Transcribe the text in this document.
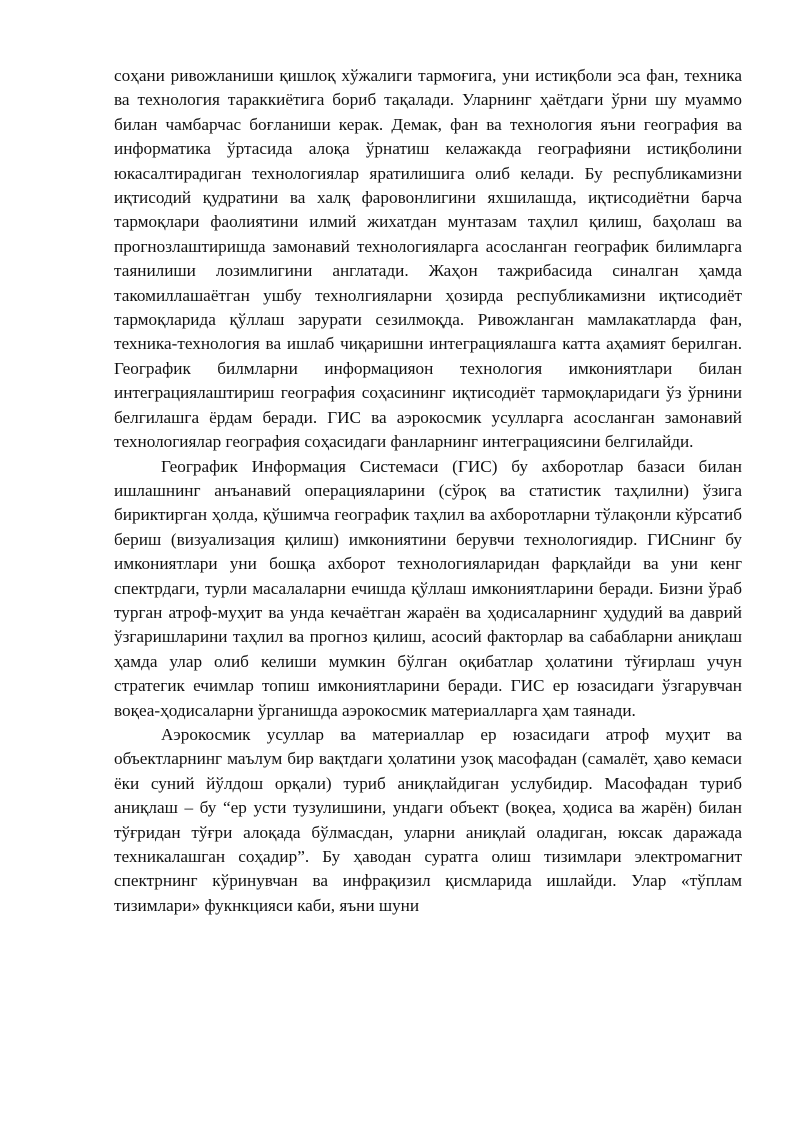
соҳани ривожланиши қишлоқ хўжалиги тармоғига, уни истиқболи эса фан, техника ва технология тараккиётига бориб тақалади. Уларнинг ҳаётдаги ўрни шу муаммо билан чамбарчас боғланиши керак. Демак, фан ва технология яъни география ва информатика ўртасида алоқа ўрнатиш келажакда географияни истиқболини юкасалтирадиган технологиялар яратилишига олиб келади. Бу республикамизни иқтисодий қудратини ва халқ фаровонлигини яхшилашда, иқтисодиётни барча тармоқлари фаолиятини илмий жихатдан мунтазам таҳлил қилиш, баҳолаш ва прогнозлаштиришда замонавий технологияларга асосланган географик билимларга таянилиши лозимлигини англатади. Жаҳон тажрибасида синалган ҳамда такомиллашаётган ушбу технолгияларни ҳозирда республикамизни иқтисодиёт тармоқларида қўллаш зарурати сезилмоқда. Ривожланган мамлакатларда фан, техника-технология ва ишлаб чиқаришни интеграциялашга катта аҳамият берилган. Географик билмларни информацияон технология имкониятлари билан интеграциялаштириш география соҳасининг иқтисодиёт тармоқларидаги ўз ўрнини белгилашга ёрдам беради. ГИС ва аэрокосмик усулларга асосланган замонавий технологиялар география соҳасидаги фанларнинг интеграциясини белгилайди.

Географик Информация Системаси (ГИС) бу ахборотлар базаси билан ишлашнинг анъанавий операцияларини (сўроқ ва статистик таҳлилни) ўзига бириктирган ҳолда, қўшимча географик таҳлил ва ахборотларни тўлақонли кўрсатиб бериш (визуализация қилиш) имкониятини берувчи технологиядир. ГИСнинг бу имкониятлари уни бошқа ахборот технологияларидан фарқлайди ва уни кенг спектрдаги, турли масалаларни ечишда қўллаш имкониятларини беради. Бизни ўраб турган атроф-муҳит ва унда кечаётган жараён ва ҳодисаларнинг ҳудудий ва даврий ўзгаришларини таҳлил ва прогноз қилиш, асосий факторлар ва сабабларни аниқлаш ҳамда улар олиб келиши мумкин бўлган оқибатлар ҳолатини тўғирлаш учун стратегик ечимлар топиш имкониятларини беради. ГИС ер юзасидаги ўзгарувчан воқеа-ҳодисаларни ўрганишда аэрокосмик материалларга ҳам таянади.

Аэрокосмик усуллар ва материаллар ер юзасидаги атроф муҳит ва объектларнинг маълум бир вақтдаги ҳолатини узоқ масофадан (самалёт, ҳаво кемаси ёки суний йўлдош орқали) туриб аниқлайдиган услубидир. Масофадан туриб аниқлаш – бу “ер усти тузулишини, ундаги объект (воқеа, ҳодиса ва жарён) билан тўғридан тўғри алоқада бўлмасдан, уларни аниқлай оладиган, юксак даражада техникалашган соҳадир”. Бу ҳаводан суратга олиш тизимлари электромагнит спектрнинг кўринувчан ва инфрақизил қисмларида ишлайди. Улар «тўплам тизимлари» фукнкцияси каби, яъни шуни
